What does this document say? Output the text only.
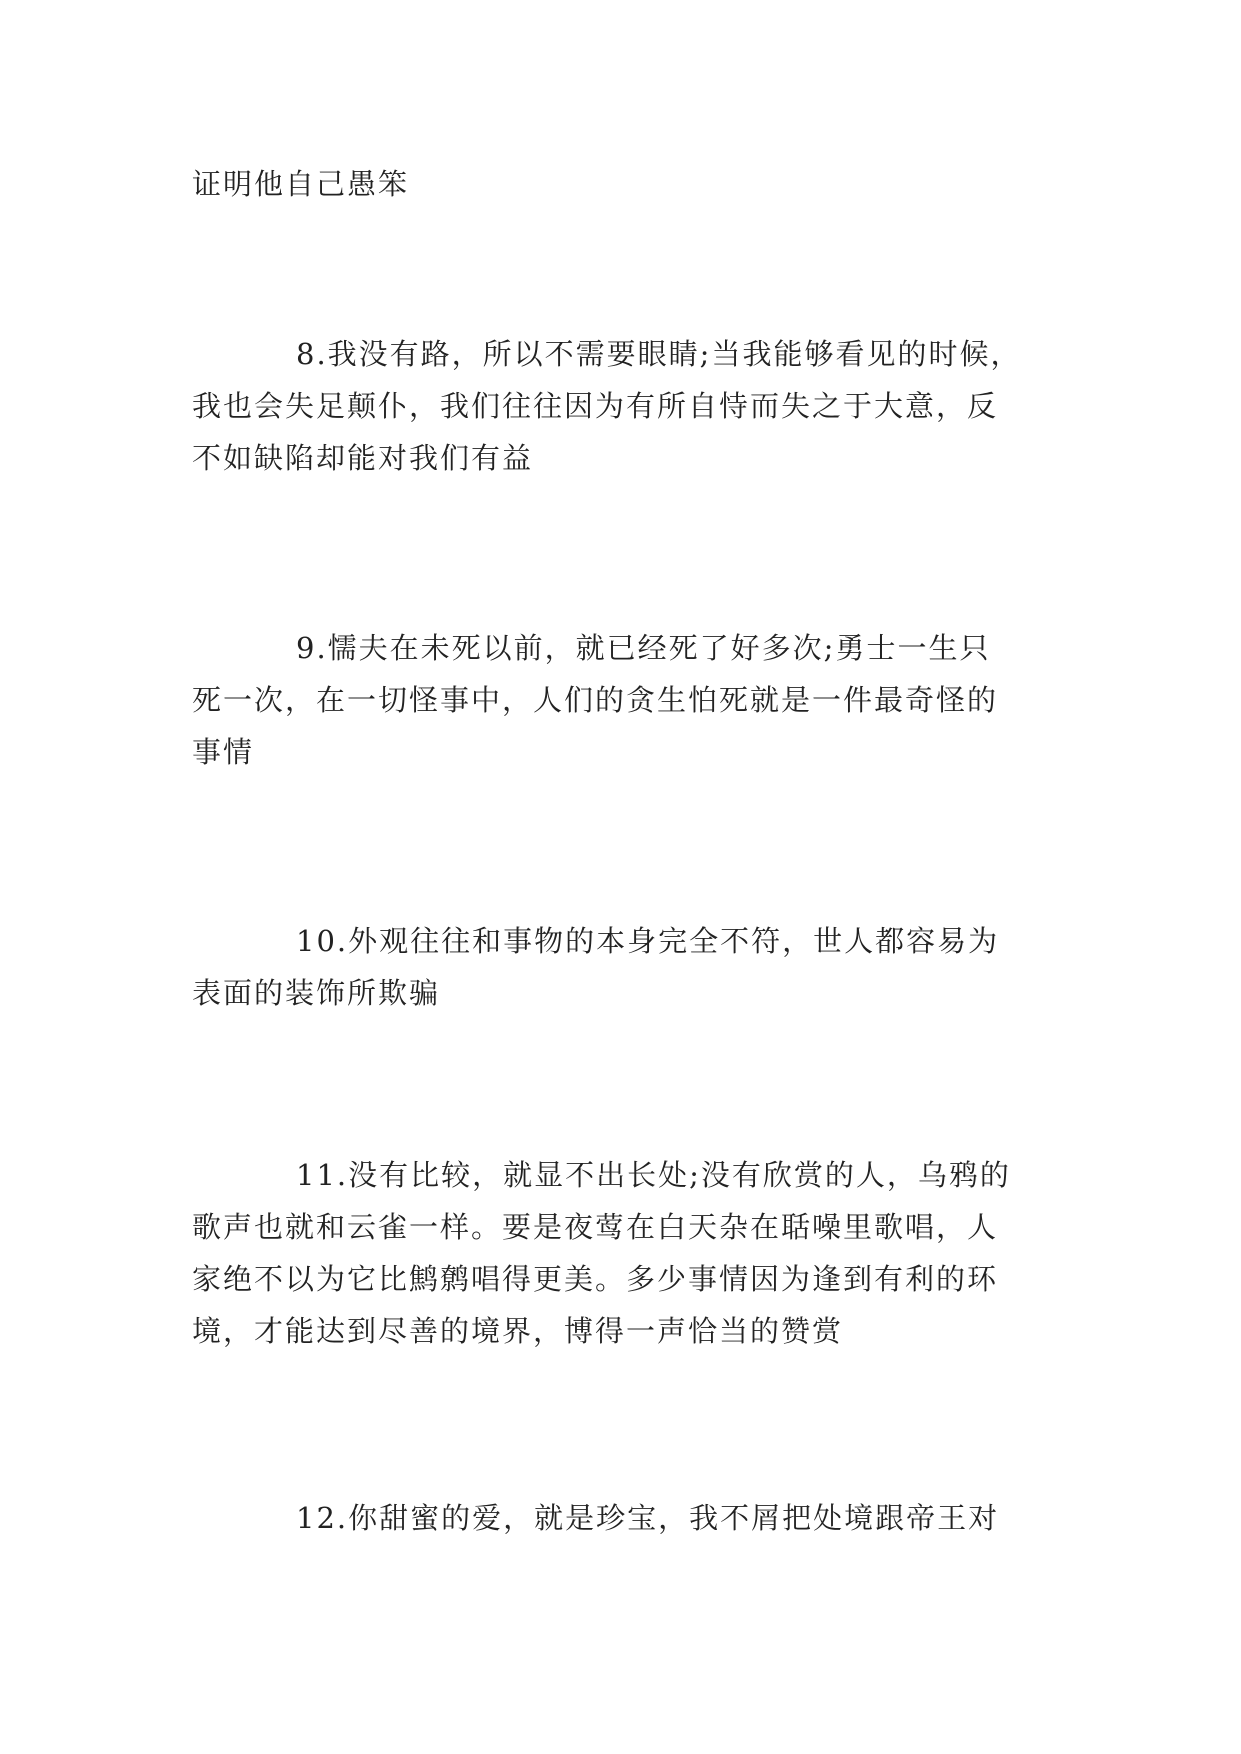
证明他自己愚笨

8.我没有路，所以不需要眼睛;当我能够看见的时候，

我也会失足颠仆，我们往往因为有所自恃而失之于大意，反

不如缺陷却能对我们有益

9.懦夫在未死以前，就已经死了好多次;勇士一生只

死一次，在一切怪事中，人们的贪生怕死就是一件最奇怪的

事情

10.外观往往和事物的本身完全不符，世人都容易为

表面的装饰所欺骗

11.没有比较，就显不出长处;没有欣赏的人，乌鸦的

歌声也就和云雀一样。要是夜莺在白天杂在聒噪里歌唱，人

家绝不以为它比鹪鹩唱得更美。多少事情因为逢到有利的环

境，才能达到尽善的境界，博得一声恰当的赞赏

12.你甜蜜的爱，就是珍宝，我不屑把处境跟帝王对
